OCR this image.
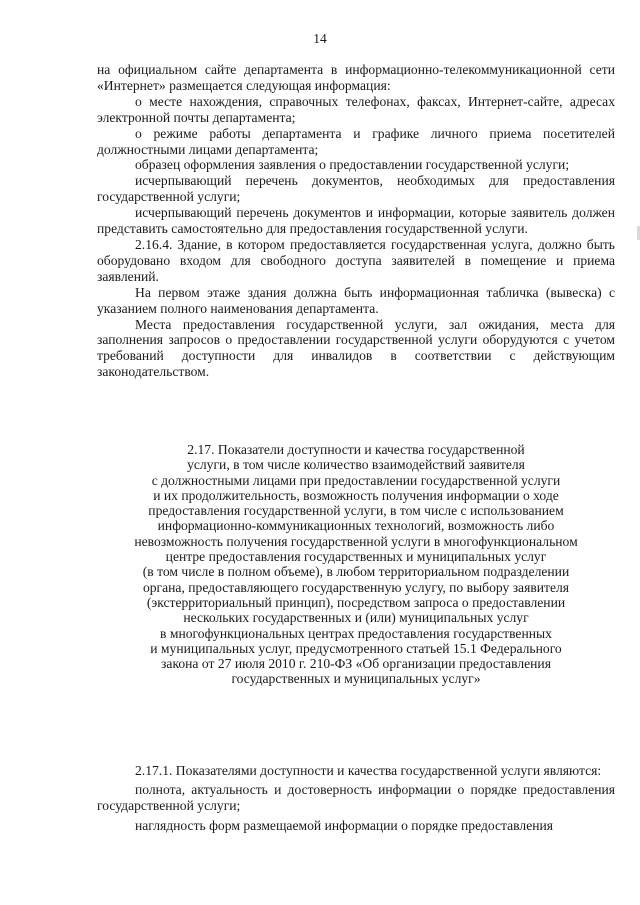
14

на официальном сайте департамента в информационно-телекоммуникационной сети «Интернет» размещается следующая информация:

о месте нахождения, справочных телефонах, факсах, Интернет-сайте, адресах электронной почты департамента;

о режиме работы департамента и графике личного приема посетителей должностными лицами департамента;

образец оформления заявления о предоставлении государственной услуги;

исчерпывающий перечень документов, необходимых для предоставления государственной услуги;

исчерпывающий перечень документов и информации, которые заявитель должен представить самостоятельно для предоставления государственной услуги.

2.16.4. Здание, в котором предоставляется государственная услуга, должно быть оборудовано входом для свободного доступа заявителей в помещение и приема заявлений.

На первом этаже здания должна быть информационная табличка (вывеска) с указанием полного наименования департамента.

Места предоставления государственной услуги, зал ожидания, места для заполнения запросов о предоставлении государственной услуги оборудуются с учетом требований доступности для инвалидов в соответствии с действующим законодательством.

2.17. Показатели доступности и качества государственной
услуги, в том числе количество взаимодействий заявителя
с должностными лицами при предоставлении государственной услуги
и их продолжительность, возможность получения информации о ходе
предоставления государственной услуги, в том числе с использованием
информационно-коммуникационных технологий, возможность либо
невозможность получения государственной услуги в многофункциональном
центре предоставления государственных и муниципальных услуг
(в том числе в полном объеме), в любом территориальном подразделении
органа, предоставляющего государственную услугу, по выбору заявителя
(экстерриториальный принцип), посредством запроса о предоставлении
нескольких государственных и (или) муниципальных услуг
в многофункциональных центрах предоставления государственных
и муниципальных услуг, предусмотренного статьей 15.1 Федерального
закона от 27 июля 2010 г. 210-ФЗ «Об организации предоставления
государственных и муниципальных услуг»

2.17.1. Показателями доступности и качества государственной услуги являются:

полнота, актуальность и достоверность информации о порядке предоставления государственной услуги;

наглядность форм размещаемой информации о порядке предоставления
